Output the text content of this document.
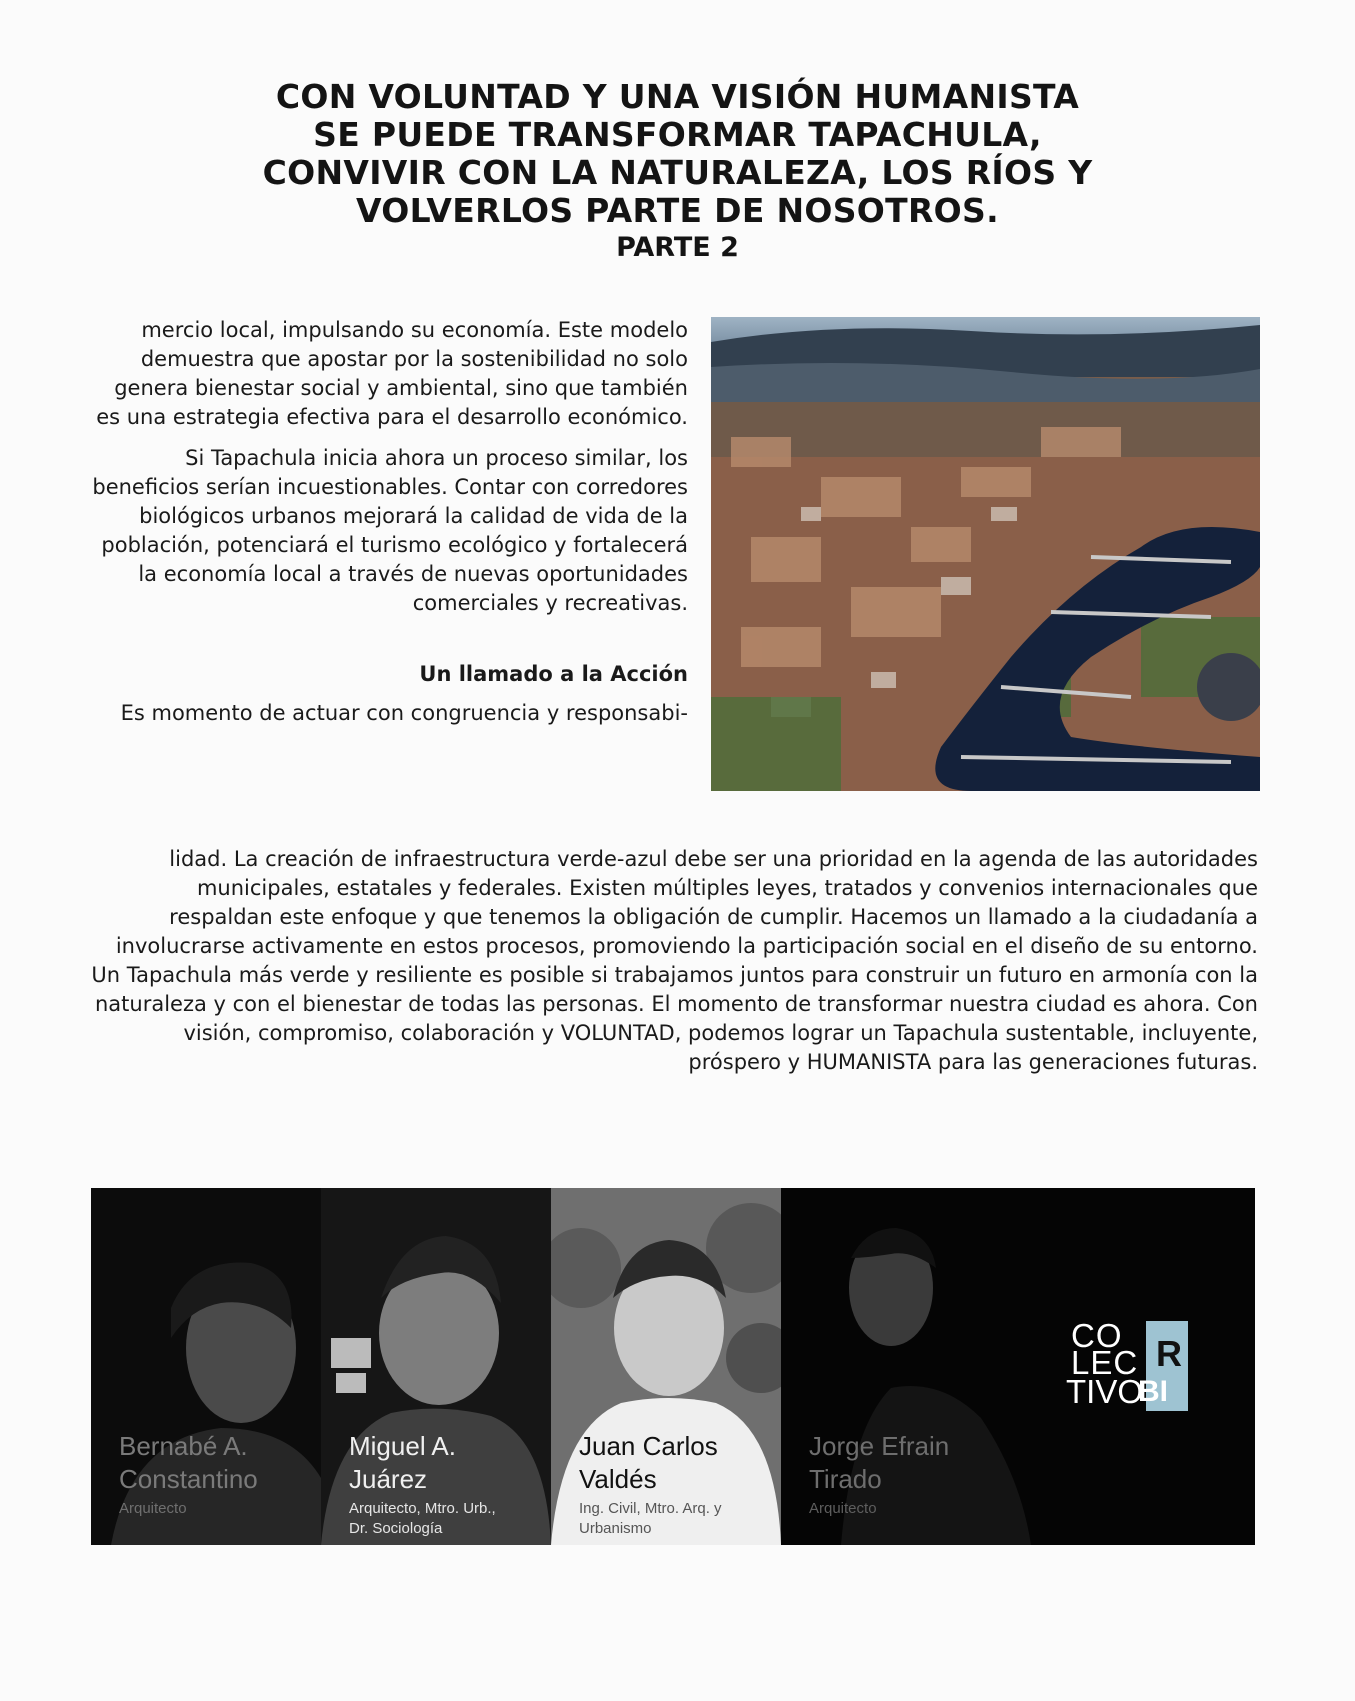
CON VOLUNTAD Y UNA VISIÓN HUMANISTA
SE PUEDE TRANSFORMAR TAPACHULA,
CONVIVIR CON LA NATURALEZA, LOS RÍOS Y
VOLVERLOS PARTE DE NOSOTROS.
PARTE 2

mercio local, impulsando su economía. Este modelo demuestra que apostar por la sostenibilidad no solo genera bienestar social y ambiental, sino que también es una estrategia efectiva para el desarrollo económico.

Si Tapachula inicia ahora un proceso similar, los beneficios serían incuestionables. Contar con corredores biológicos urbanos mejorará la calidad de vida de la población, potenciará el turismo ecológico y fortalecerá la economía local a través de nuevas oportunidades comerciales y recreativas.

Un llamado a la Acción

Es momento de actuar con congruencia y responsabi-

lidad. La creación de infraestructura verde-azul debe ser una prioridad en la agenda de las autoridades municipales, estatales y federales. Existen múltiples leyes, tratados y convenios internacionales que respaldan este enfoque y que tenemos la obligación de cumplir. Hacemos un llamado a la ciudadanía a involucrarse activamente en estos procesos, promoviendo la participación social en el diseño de su entorno. Un Tapachula más verde y resiliente es posible si trabajamos juntos para construir un futuro en armonía con la naturaleza y con el bienestar de todas las personas. El momento de transformar nuestra ciudad es ahora. Con visión, compromiso, colaboración y VOLUNTAD, podemos lograr un Tapachula sustentable, incluyente, próspero y HUMANISTA para las generaciones futuras.

Bernabé A.
Constantino
Arquitecto
Miguel A.
Juárez
Arquitecto, Mtro. Urb.,
Dr. Sociología
Juan Carlos
Valdés
Ing. Civil, Mtro. Arq. y
Urbanismo
Jorge Efrain
Tirado
Arquitecto
CO
LEC
TIVO
R
BI
